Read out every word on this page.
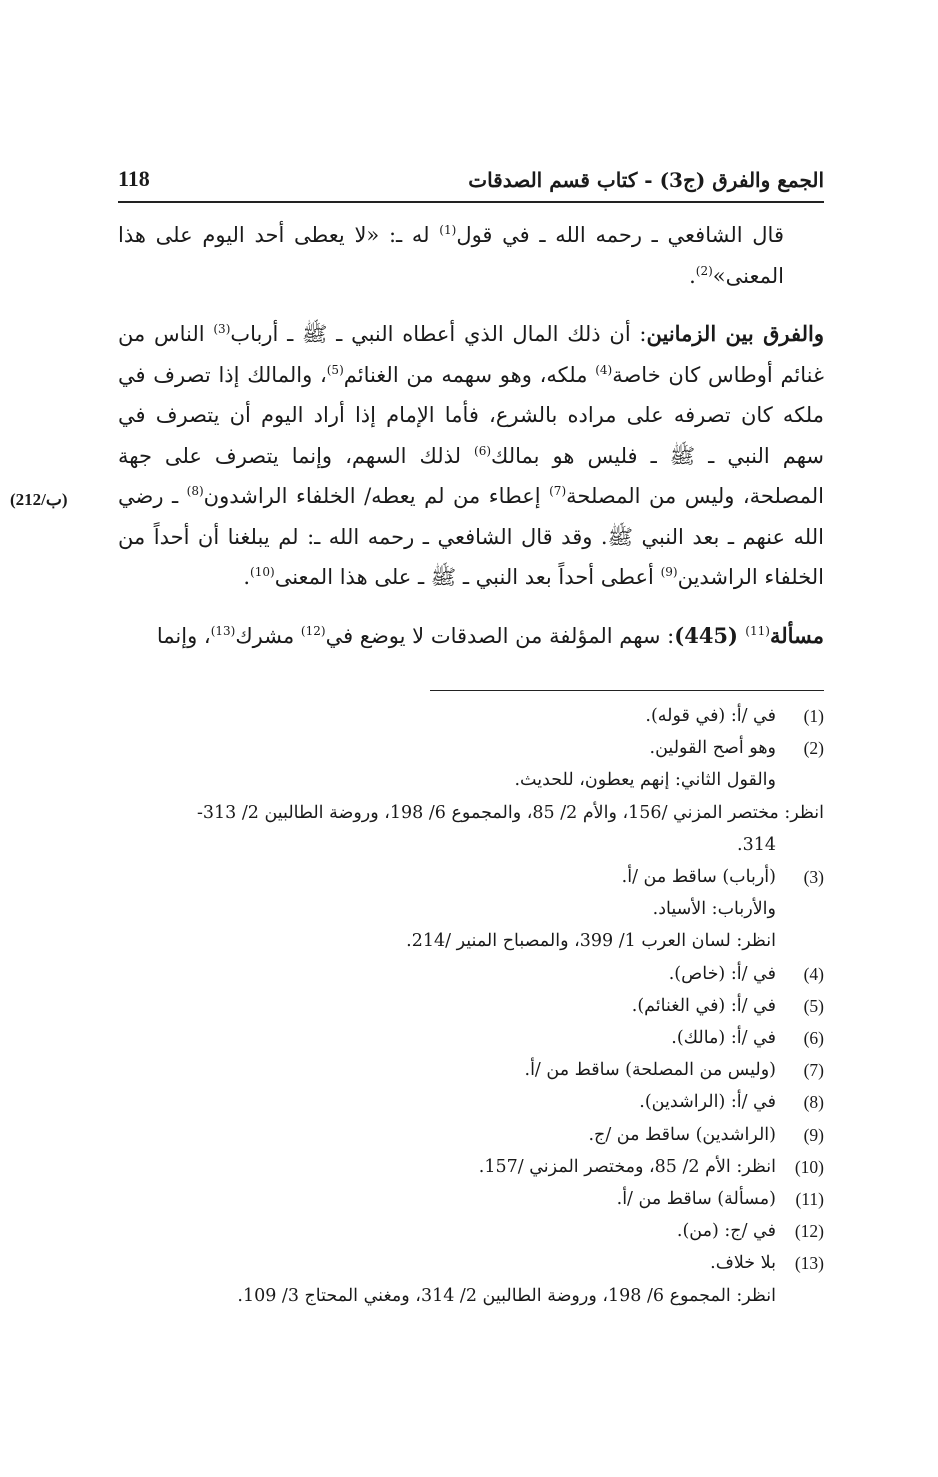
الجمع والفرق (ج3) - كتاب قسم الصدقات
118
(212/ب)

قال الشافعي ـ رحمه الله ـ في قول$^{(1)}$ له ـ: «لا يعطى أحد اليوم على هذا المعنى»$^{(2)}$.

والفرق بين الزمانين: أن ذلك المال الذي أعطاه النبي ـ ﷺ ـ أرباب$^{(3)}$ الناس من غنائم أوطاس كان خاصة$^{(4)}$ ملكه، وهو سهمه من الغنائم$^{(5)}$، والمالك إذا تصرف في ملكه كان تصرفه على مراده بالشرع، فأما الإمام إذا أراد اليوم أن يتصرف في سهم النبي ـ ﷺ ـ فليس هو بمالك$^{(6)}$ لذلك السهم، وإنما يتصرف على جهة المصلحة، وليس من المصلحة$^{(7)}$ إعطاء من لم يعطه/ الخلفاء الراشدون$^{(8)}$ ـ رضي الله عنهم ـ بعد النبي ﷺ. وقد قال الشافعي ـ رحمه الله ـ: لم يبلغنا أن أحداً من الخلفاء الراشدين$^{(9)}$ أعطى أحداً بعد النبي ـ ﷺ ـ على هذا المعنى$^{(10)}$.

مسألة$^{(11)}$ (445): سهم المؤلفة من الصدقات لا يوضع في$^{(12)}$ مشرك$^{(13)}$، وإنما

(1)
في /أ: (في قوله).
(2)
وهو أصح القولين.
والقول الثاني: إنهم يعطون، للحديث.
انظر: مختصر المزني /156، والأم 2/ 85، والمجموع 6/ 198، وروضة الطالبين 2/ 313-
314.
(3)
(أرباب) ساقط من /أ.
والأرباب: الأسياد.
انظر: لسان العرب 1/ 399، والمصباح المنير /214.
(4)
في /أ: (خاص).
(5)
في /أ: (في الغنائم).
(6)
في /أ: (مالك).
(7)
(وليس من المصلحة) ساقط من /أ.
(8)
في /أ: (الراشدين).
(9)
(الراشدين) ساقط من /ج.
(10)
انظر: الأم 2/ 85، ومختصر المزني /157.
(11)
(مسألة) ساقط من /أ.
(12)
في /ج: (من).
(13)
بلا خلاف.
انظر: المجموع 6/ 198، وروضة الطالبين 2/ 314، ومغني المحتاج 3/ 109.
